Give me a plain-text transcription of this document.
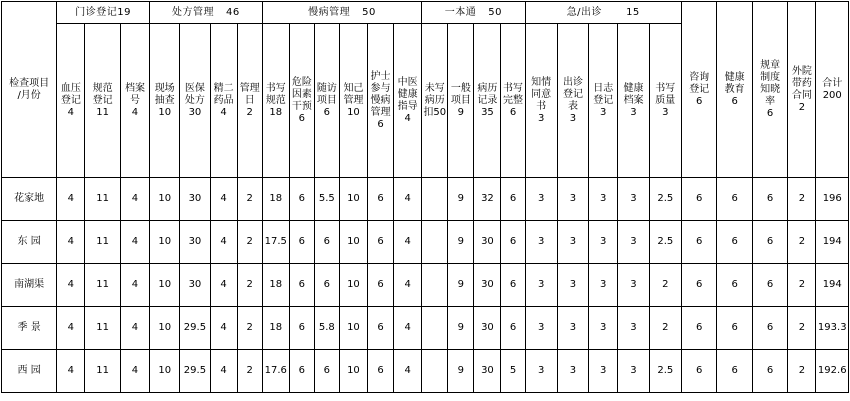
检查项目
/月份	门诊登记19			处方管理 46				慢病管理 50						一本通 50				急/出诊 15					咨询
登记
6	健康
教育
6	规章
制度
知晓
率
6	外院
带药
合同
2	合计
200

	血压
登记
4	规范
登记
11	档案
号
4	现场
抽查
10	医保
处方
30	精二
药品
4	管理
日
2	书写
规范
18	危险
因素
干预
6	随访
项目
6	知己
管理
10	护士
参与
慢病
管理
6	中医
健康
指导
4	未写
病历
扣50	一般
项目
9	病历
记录
35	书写
完整
6	知情
同意
书
3	出诊
登记
表
3	日志
登记
3	健康
档案
3	书写
质量
3					

花家地	4	11	4	10	30	4	2	18	6	5.5	10	6	4		9	32	6	3	3	3	3	2.5	6	6	6	2	196
东 园	4	11	4	10	30	4	2	17.5	6	6	10	6	4		9	30	6	3	3	3	3	2.5	6	6	6	2	194
南湖渠	4	11	4	10	30	4	2	18	6	6	10	6	4		9	30	6	3	3	3	3	2	6	6	6	2	194
季 景	4	11	4	10	29.5	4	2	18	6	5.8	10	6	4		9	30	6	3	3	3	3	2	6	6	6	2	193.3
西 园	4	11	4	10	29.5	4	2	17.6	6	6	10	6	4		9	30	5	3	3	3	3	2.5	6	6	6	2	192.6
